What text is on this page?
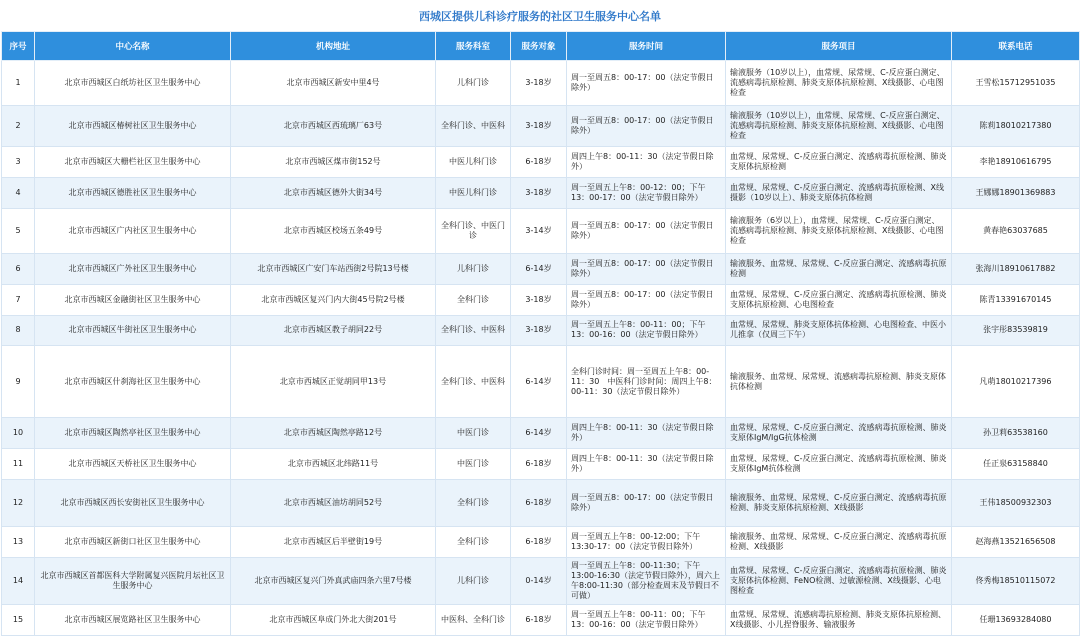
西城区提供儿科诊疗服务的社区卫生服务中心名单
序号	中心名称	机构地址	服务科室	服务对象	服务时间	服务项目	联系电话
1	北京市西城区白纸坊社区卫生服务中心	北京市西城区新安中里4号	儿科门诊	3-18岁	周一至周五8：00-17：00（法定节假日除外）	输液服务（10岁以上），血常规、尿常规、C-反应蛋白测定、流感病毒抗原检测、肺炎支原体抗原检测、X线摄影、心电图检查	王雪松15712951035
2	北京市西城区椿树社区卫生服务中心	北京市西城区西琉璃厂63号	全科门诊、中医科	3-18岁	周一至周五8：00-17：00（法定节假日除外）	输液服务（10岁以上），血常规、尿常规、C-反应蛋白测定、流感病毒抗原检测、肺炎支原体抗原检测、X线摄影、心电图检查	陈莉18010217380
3	北京市西城区大栅栏社区卫生服务中心	北京市西城区煤市街152号	中医儿科门诊	6-18岁	周四上午8：00-11：30（法定节假日除外）	血常规、尿常规、C-反应蛋白测定、流感病毒抗原检测、肺炎支原体抗原检测	李艳18910616795
4	北京市西城区德胜社区卫生服务中心	北京市西城区德外大街34号	中医儿科门诊	3-18岁	周一至周五上午8：00-12：00；下午13：00-17：00（法定节假日除外）	血常规、尿常规、C-反应蛋白测定、流感病毒抗原检测、X线摄影（10岁以上）、肺炎支原体抗体检测	王娜娜18901369883
5	北京市西城区广内社区卫生服务中心	北京市西城区校场五条49号	全科门诊、中医门诊	3-14岁	周一至周五8：00-17：00（法定节假日除外）	输液服务（6岁以上），血常规、尿常规、C-反应蛋白测定、流感病毒抗原检测、肺炎支原体抗原检测、X线摄影、心电图检查	黄春艳63037685
6	北京市西城区广外社区卫生服务中心	北京市西城区广安门车站西街2号院13号楼	儿科门诊	6-14岁	周一至周五8：00-17：00（法定节假日除外）	输液服务、血常规、尿常规、C-反应蛋白测定、流感病毒抗原检测	张海川18910617882
7	北京市西城区金融街社区卫生服务中心	北京市西城区复兴门内大街45号院2号楼	全科门诊	3-18岁	周一至周五8：00-17：00（法定节假日除外）	血常规、尿常规、C-反应蛋白测定、流感病毒抗原检测、肺炎支原体抗原检测、心电图检查	陈青13391670145
8	北京市西城区牛街社区卫生服务中心	北京市西城区教子胡同22号	全科门诊、中医科	3-18岁	周一至周五上午8：00-11：00；下午13：00-16：00（法定节假日除外）	血常规、尿常规、肺炎支原体抗体检测、心电图检查、中医小儿推拿（仅周三下午）	张宇彤83539819
9	北京市西城区什刹海社区卫生服务中心	北京市西城区正觉胡同甲13号	全科门诊、中医科	6-14岁	全科门诊时间：周一至周五上午8：00-11：30　中医科门诊时间：周四上午8：00-11：30（法定节假日除外）	输液服务、血常规、尿常规、流感病毒抗原检测、肺炎支原体抗体检测	凡萌18010217396
10	北京市西城区陶然亭社区卫生服务中心	北京市西城区陶然亭路12号	中医门诊	6-14岁	周四上午8：00-11：30（法定节假日除外）	血常规、尿常规、C-反应蛋白测定、流感病毒抗原检测、肺炎支原体IgM/IgG抗体检测	孙卫莉63538160
11	北京市西城区天桥社区卫生服务中心	北京市西城区北纬路11号	中医门诊	6-18岁	周四上午8：00-11：30（法定节假日除外）	血常规、尿常规、C-反应蛋白测定、流感病毒抗原检测、肺炎支原体IgM抗体检测	任正泉63158840
12	北京市西城区西长安街社区卫生服务中心	北京市西城区油坊胡同52号	全科门诊	6-18岁	周一至周五8：00-17：00（法定节假日除外）	输液服务、血常规、尿常规、C-反应蛋白测定、流感病毒抗原检测、肺炎支原体抗原检测、X线摄影	王伟18500932303
13	北京市西城区新街口社区卫生服务中心	北京市西城区后半壁街19号	全科门诊	6-18岁	周一至周五上午8：00-12:00；下午13:30-17：00（法定节假日除外）	输液服务、血常规、尿常规、C-反应蛋白测定、流感病毒抗原检测、X线摄影	赵海燕13521656508
14	北京市西城区首都医科大学附属复兴医院月坛社区卫生服务中心	北京市西城区复兴门外真武庙四条六里7号楼	儿科门诊	0-14岁	周一至周五上午8：00-11:30；下午13:00-16:30（法定节假日除外），周六上午8:00-11:30（部分检查周末及节假日不可做）	血常规、尿常规、C-反应蛋白测定、流感病毒抗原检测、肺炎支原体抗体检测、FeNO检测、过敏源检测、X线摄影、心电图检查	佟秀梅18510115072
15	北京市西城区展览路社区卫生服务中心	北京市西城区阜成门外北大街201号	中医科、全科门诊	6-18岁	周一至周五上午8：00-11：00；下午13：00-16：00（法定节假日除外）	血常规、尿常规、流感病毒抗原检测、肺炎支原体抗原检测、X线摄影、小儿捏脊服务、输液服务	任珊13693284080
